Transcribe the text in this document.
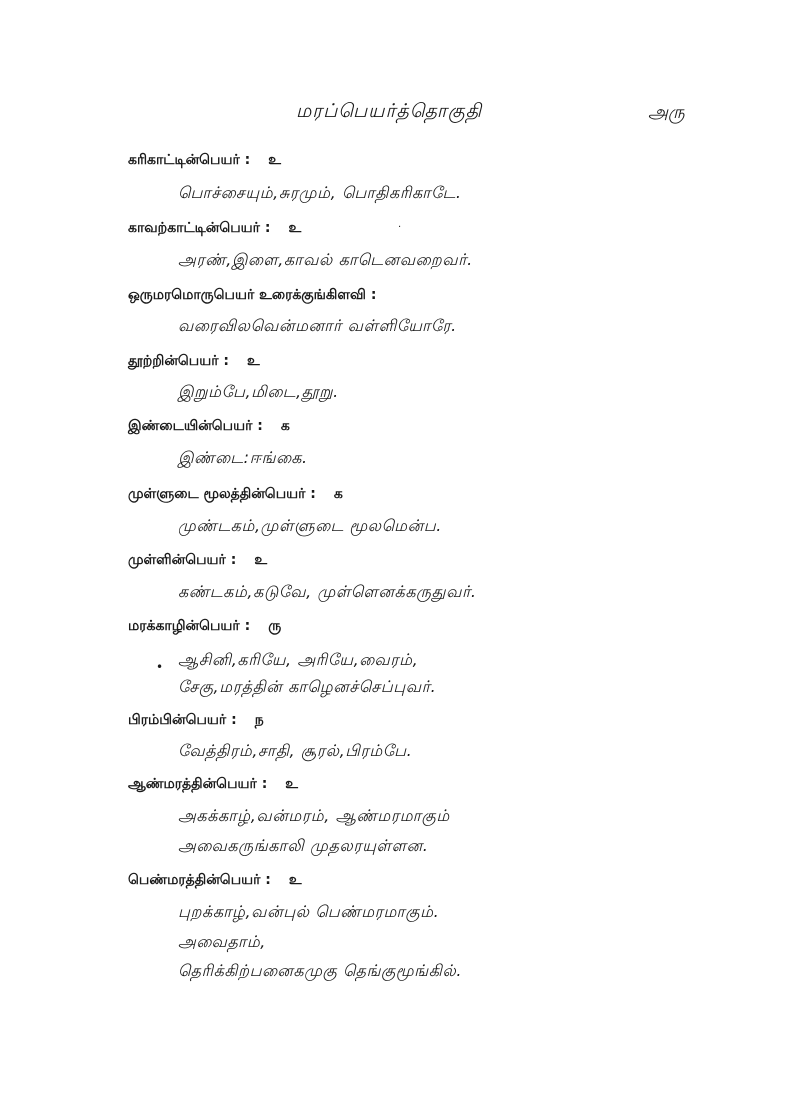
மரப்பெயர்த்தொகுதி	அரு
கரிகாட்டின்பெயர் : உ
பொச்சையும்,சுரமும், பொதிகரிகாடே.
காவற்காட்டின்பெயர் : உ	·
அரண்,இளை,காவல் காடெனவறைவர்.
ஒருமரமொருபெயர் உரைக்குங்கிளவி :
வரைவிலவென்மனார் வள்ளியோரே.
தூற்றின்பெயர் : உ
இறும்பே,மிடை,தூறு.
இண்டையின்பெயர் : க
இண்டை:ஈங்கை.
முள்ளுடை மூலத்தின்பெயர் : க
முண்டகம்,முள்ளுடை மூலமென்ப.
முள்ளின்பெயர் : உ
கண்டகம்,கடுவே, முள்ளெனக்கருதுவர்.
மரக்காழின்பெயர் : ரு
• ஆசினி,கரியே, அரியே,வைரம்,
சேகு,மரத்தின் காழெனச்செப்புவர்.
பிரம்பின்பெயர் : ந
வேத்திரம்,சாதி, சூரல்,பிரம்பே.
ஆண்மரத்தின்பெயர் : உ
அகக்காழ்,வன்மரம், ஆண்மரமாகும்
அவைகருங்காலி முதலரயுள்ளன.
பெண்மரத்தின்பெயர் : உ
புறக்காழ்,வன்புல் பெண்மரமாகும்.
அவைதாம்,
தெரிக்கிற்பனைகமுகு தெங்குமூங்கில்.
